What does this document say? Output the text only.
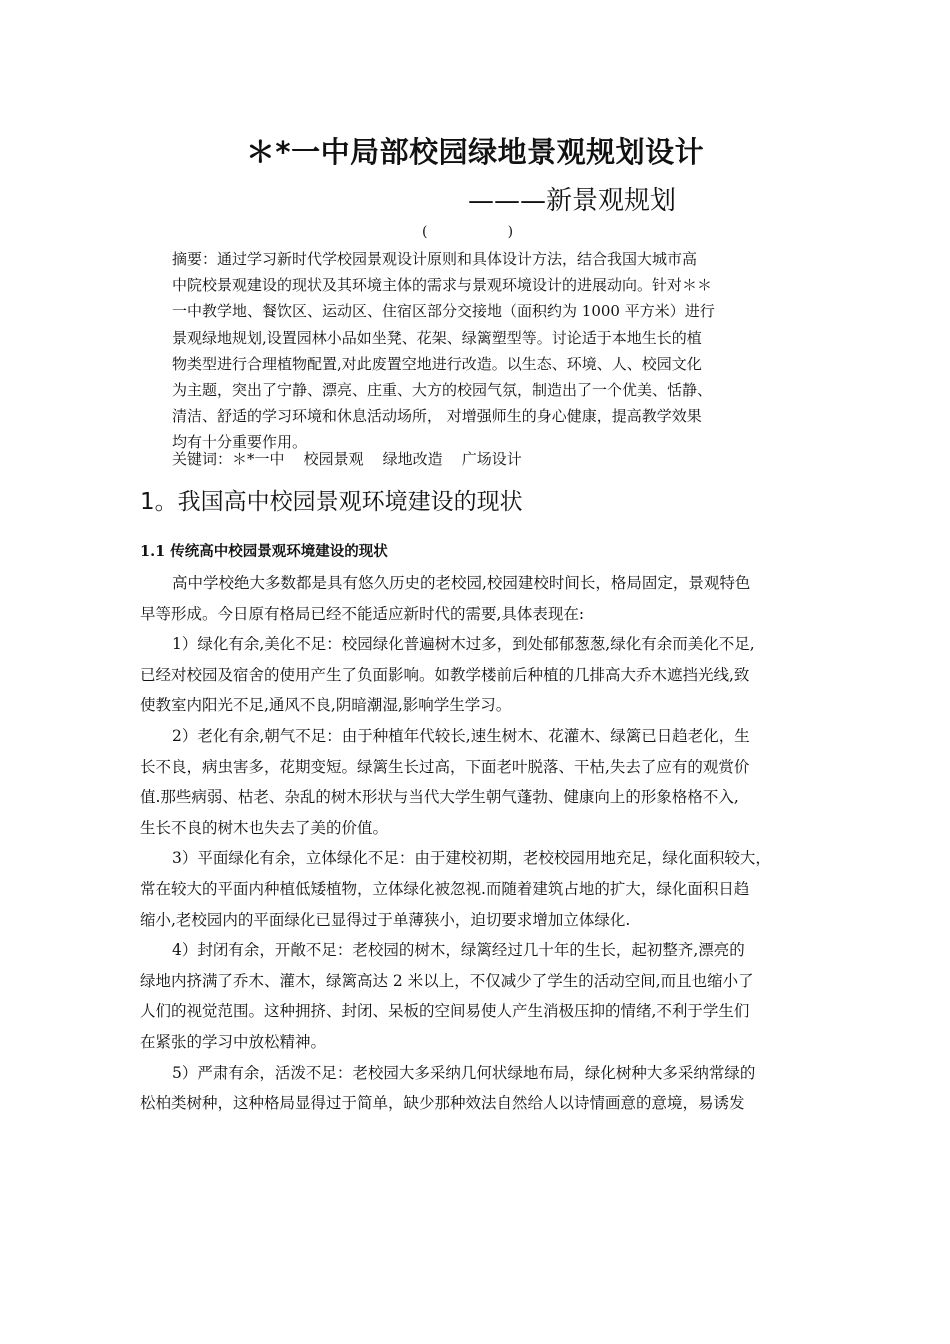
＊*一中局部校园绿地景观规划设计
———新景观规划
(                  )
摘要：通过学习新时代学校园景观设计原则和具体设计方法，结合我国大城市高
中院校景观建设的现状及其环境主体的需求与景观环境设计的进展动向。针对＊＊
一中教学地、餐饮区、运动区、住宿区部分交接地（面积约为 1000 平方米）进行
景观绿地规划,设置园林小品如坐凳、花架、绿篱塑型等。讨论适于本地生长的植
物类型进行合理植物配置,对此废置空地进行改造。以生态、环境、人、校园文化
为主题，突出了宁静、漂亮、庄重、大方的校园气氛，制造出了一个优美、恬静、
清洁、舒适的学习环境和休息活动场所， 对增强师生的身心健康，提高教学效果
均有十分重要作用。
关键词：＊*一中    校园景观    绿地改造    广场设计
1。我国高中校园景观环境建设的现状
1.1 传统高中校园景观环境建设的现状
高中学校绝大多数都是具有悠久历史的老校园,校园建校时间长，格局固定，景观特色
早等形成。今日原有格局已经不能适应新时代的需要,具体表现在:
1）绿化有余,美化不足：校园绿化普遍树木过多，到处郁郁葱葱,绿化有余而美化不足,
已经对校园及宿舍的使用产生了负面影响。如教学楼前后种植的几排高大乔木遮挡光线,致
使教室内阳光不足,通风不良,阴暗潮湿,影响学生学习。
2）老化有余,朝气不足：由于种植年代较长,速生树木、花灌木、绿篱已日趋老化，生
长不良，病虫害多，花期变短。绿篱生长过高，下面老叶脱落、干枯,失去了应有的观赏价
值.那些病弱、枯老、杂乱的树木形状与当代大学生朝气蓬勃、健康向上的形象格格不入,
生长不良的树木也失去了美的价值。
3）平面绿化有余，立体绿化不足：由于建校初期，老校校园用地充足，绿化面积较大，
常在较大的平面内种植低矮植物，立体绿化被忽视.而随着建筑占地的扩大，绿化面积日趋
缩小,老校园内的平面绿化已显得过于单薄狭小，迫切要求增加立体绿化.
4）封闭有余，开敞不足：老校园的树木，绿篱经过几十年的生长，起初整齐,漂亮的
绿地内挤满了乔木、灌木，绿篱高达 2 米以上，不仅减少了学生的活动空间,而且也缩小了
人们的视觉范围。这种拥挤、封闭、呆板的空间易使人产生消极压抑的情绪,不利于学生们
在紧张的学习中放松精神。
5）严肃有余，活泼不足：老校园大多采纳几何状绿地布局，绿化树种大多采纳常绿的
松柏类树种，这种格局显得过于简单，缺少那种效法自然给人以诗情画意的意境，易诱发
